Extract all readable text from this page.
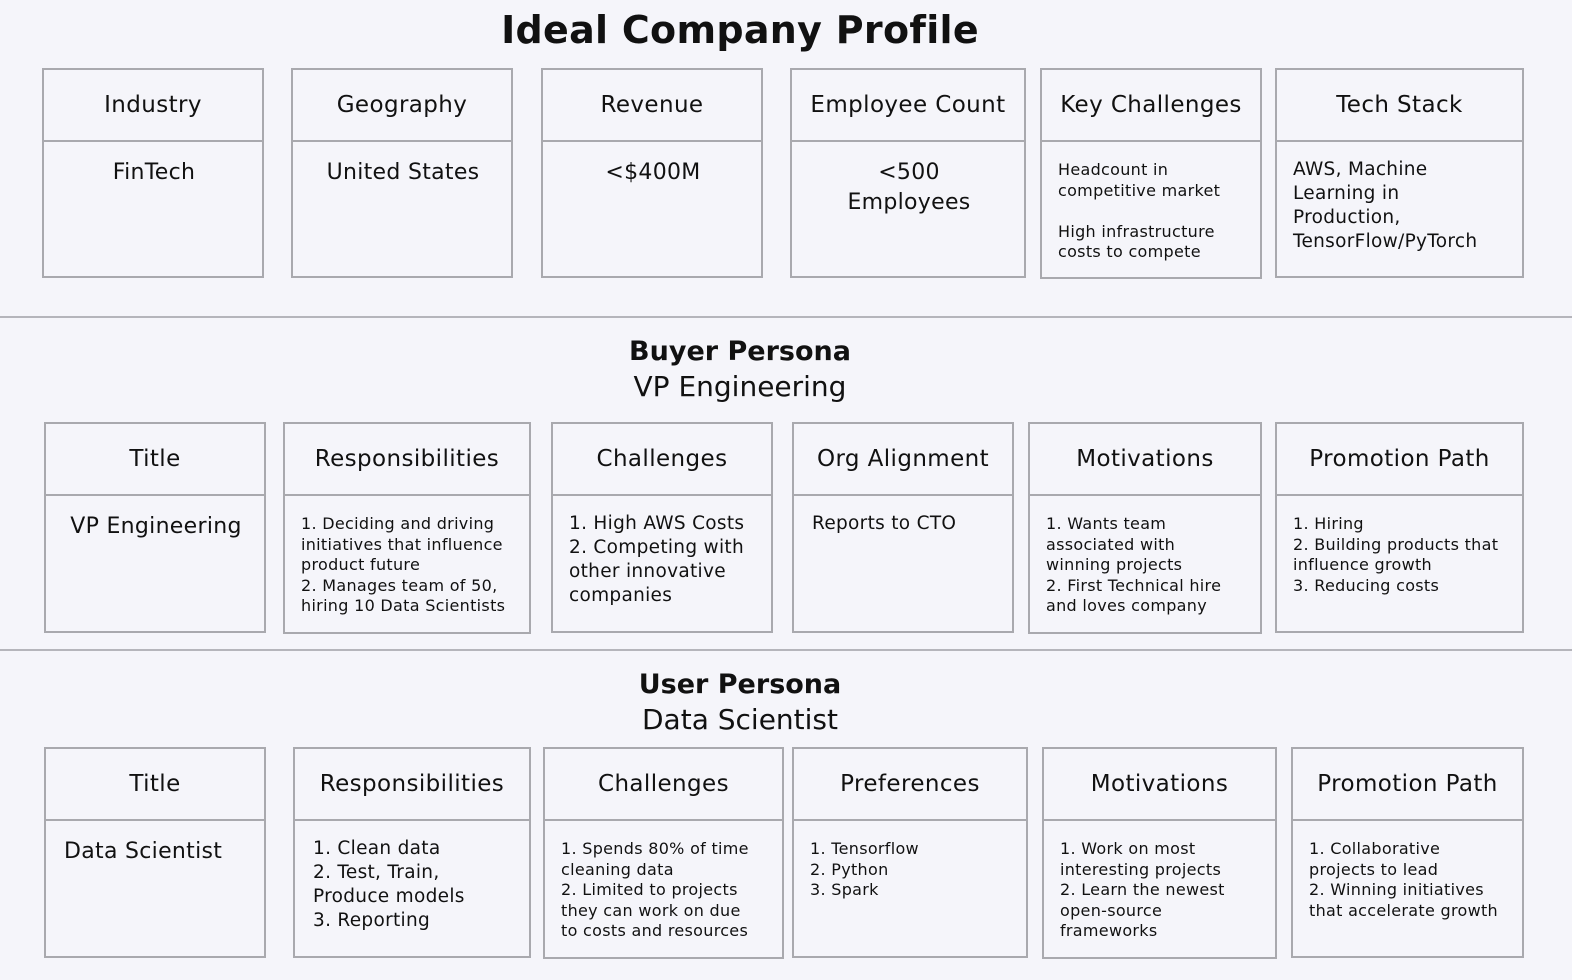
Ideal Company Profile
Industry
FinTech
Geography
United States
Revenue
<$400M
Employee Count
<500
Employees
Key Challenges
Headcount in
competitive market

High infrastructure
costs to compete
Tech Stack
AWS, Machine
Learning in
Production,
TensorFlow/PyTorch
Buyer Persona
VP Engineering
Title
VP Engineering
Responsibilities
1. Deciding and driving
initiatives that influence
product future
2. Manages team of 50,
hiring 10 Data Scientists
Challenges
1. High AWS Costs
2. Competing with
other innovative
companies
Org Alignment
Reports to CTO
Motivations
1. Wants team
associated with
winning projects
2. First Technical hire
and loves company
Promotion Path
1. Hiring
2. Building products that
influence growth
3. Reducing costs
User Persona
Data Scientist
Title
Data Scientist
Responsibilities
1. Clean data
2. Test, Train,
Produce models
3. Reporting
Challenges
1. Spends 80% of time
cleaning data
2. Limited to projects
they can work on due
to costs and resources
Preferences
1. Tensorflow
2. Python
3. Spark
Motivations
1. Work on most
interesting projects
2. Learn the newest
open-source
frameworks
Promotion Path
1. Collaborative
projects to lead
2. Winning initiatives
that accelerate growth
